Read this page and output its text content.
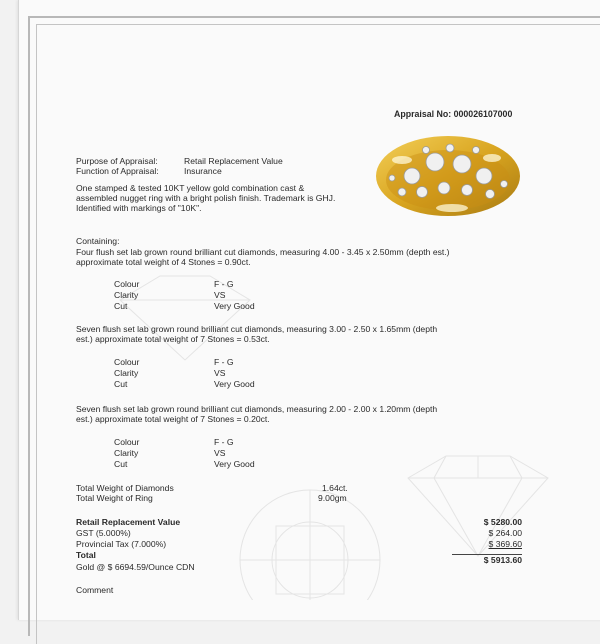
Appraisal No: 000026107000
Purpose of Appraisal:	Retail Replacement Value
Function of Appraisal:	Insurance
One stamped & tested 10KT yellow gold combination cast &
assembled nugget ring with a bright polish finish. Trademark is GHJ.
Identified with markings of "10K".
Containing:
Four flush set lab grown round brilliant cut diamonds, measuring 4.00 - 3.45 x 2.50mm (depth est.)
approximate total weight of 4 Stones = 0.90ct.
Colour	F - G
Clarity	VS
Cut	Very Good
Seven flush set lab grown round brilliant cut diamonds, measuring 3.00 - 2.50 x 1.65mm (depth
est.) approximate total weight of 7 Stones = 0.53ct.
Colour	F - G
Clarity	VS
Cut	Very Good
Seven flush set lab grown round brilliant cut diamonds, measuring 2.00 - 2.00 x 1.20mm (depth
est.) approximate total weight of 7 Stones = 0.20ct.
Colour	F - G
Clarity	VS
Cut	Very Good
Total Weight of Diamonds	1.64ct.
Total Weight of Ring	9.00gm
Retail Replacement Value	$ 5280.00
GST (5.000%)	$ 264.00
Provincial Tax (7.000%)	$ 369.60
Total	$ 5913.60
Gold @ $ 6694.59/Ounce CDN
Comment
